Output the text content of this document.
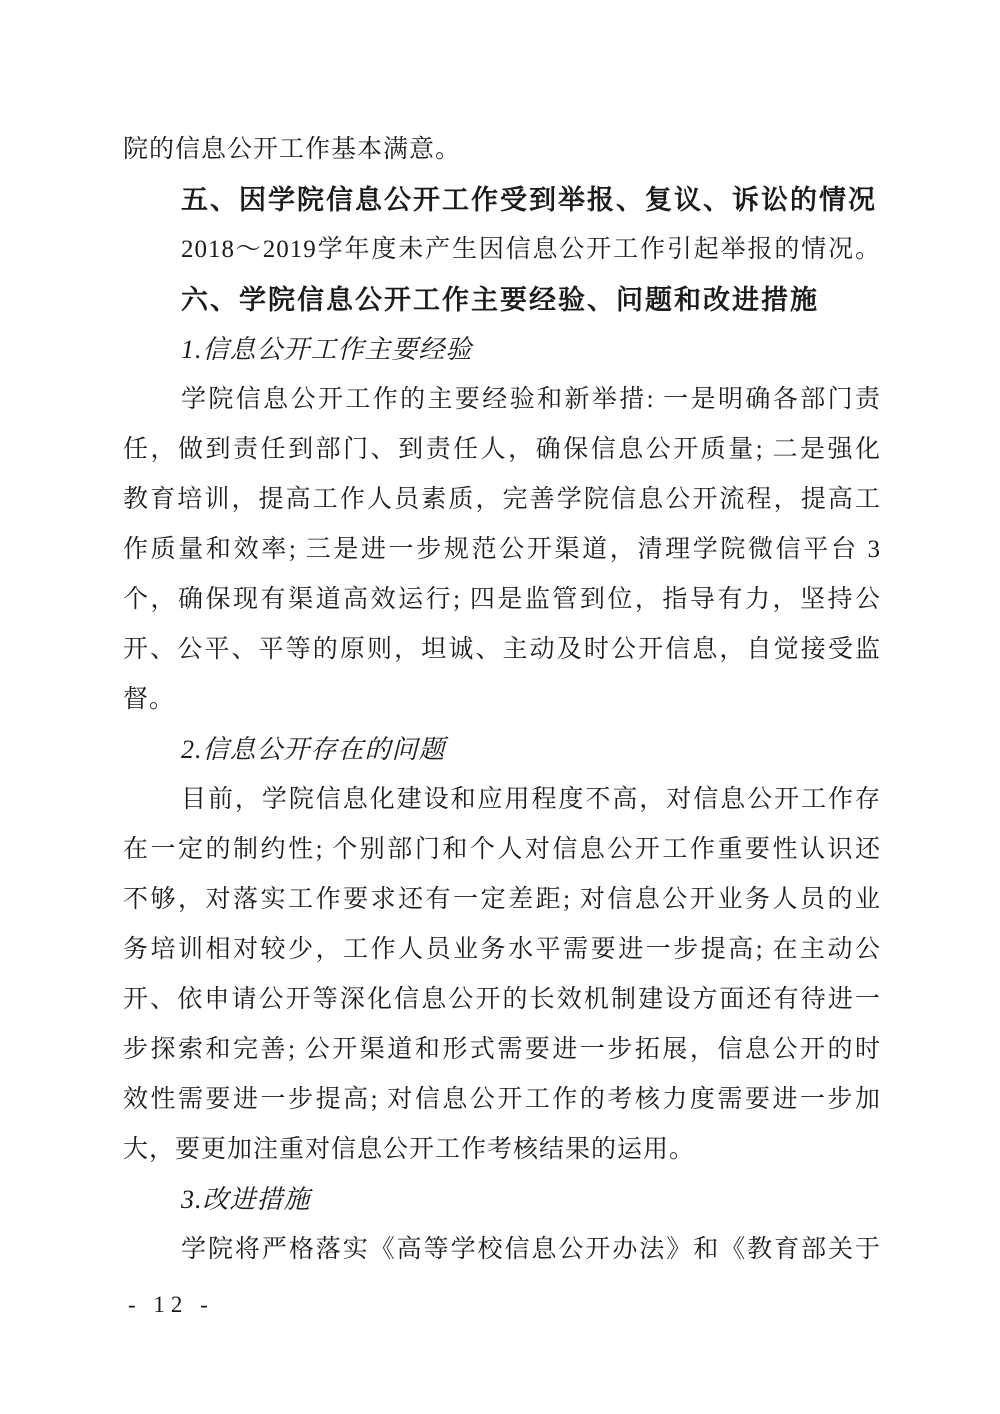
院的信息公开工作基本满意。
五、因学院信息公开工作受到举报、复议、诉讼的情况
2018～2019学年度未产生因信息公开工作引起举报的情况。
六、学院信息公开工作主要经验、问题和改进措施
1.信息公开工作主要经验
学院信息公开工作的主要经验和新举措: 一是明确各部门责
任，做到责任到部门、到责任人，确保信息公开质量; 二是强化
教育培训，提高工作人员素质，完善学院信息公开流程，提高工
作质量和效率; 三是进一步规范公开渠道，清理学院微信平台 3
个，确保现有渠道高效运行; 四是监管到位，指导有力，坚持公
开、公平、平等的原则，坦诚、主动及时公开信息，自觉接受监
督。
2.信息公开存在的问题
目前，学院信息化建设和应用程度不高，对信息公开工作存
在一定的制约性; 个别部门和个人对信息公开工作重要性认识还
不够，对落实工作要求还有一定差距; 对信息公开业务人员的业
务培训相对较少，工作人员业务水平需要进一步提高; 在主动公
开、依申请公开等深化信息公开的长效机制建设方面还有待进一
步探索和完善; 公开渠道和形式需要进一步拓展，信息公开的时
效性需要进一步提高; 对信息公开工作的考核力度需要进一步加
大，要更加注重对信息公开工作考核结果的运用。
3.改进措施
学院将严格落实《高等学校信息公开办法》和《教育部关于
- 12 -
